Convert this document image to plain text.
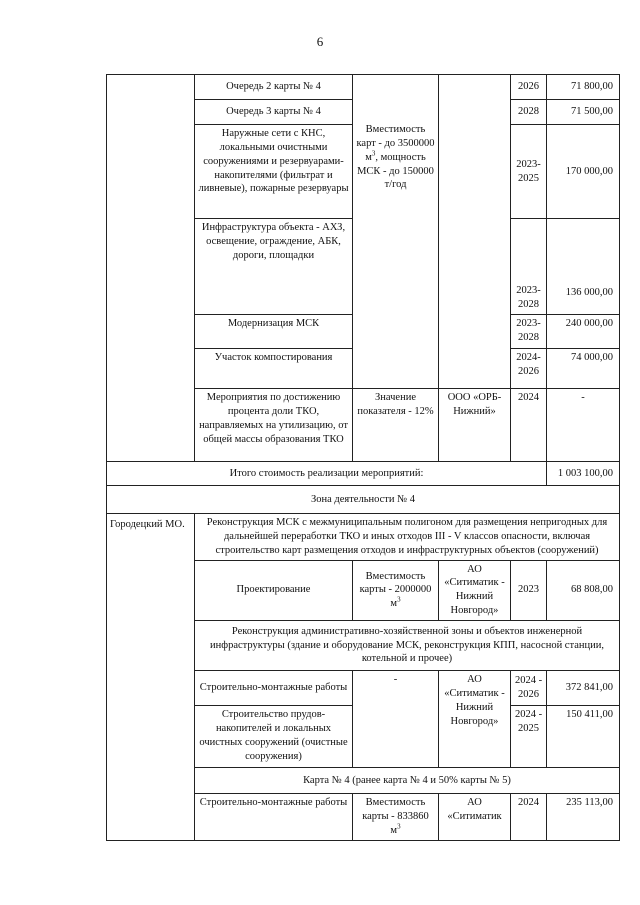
6
	Очередь 2 карты № 4	Вместимость карт - до 3500000 $м^3$, мощность МСК - до 150000 т/год		2026	71 800,00
	Очередь 3 карты № 4			2028	71 500,00
	Наружные сети с КНС, локальными очистными сооружениями и резервуарами-накопителями (фильтрат и ливневые), пожарные резервуары			2023-2025	170 000,00
	Инфраструктура объекта - АХЗ, освещение, ограждение, АБК, дороги, площадки			2023-2028	136 000,00
	Модернизация МСК			2023-2028	240 000,00
	Участок компостирования			2024-2026	74 000,00
	Мероприятия по достижению процента доли ТКО, направляемых на утилизацию, от общей массы образования ТКО	Значение показателя - 12%	ООО «ОРБ-Нижний»	2024	-
Итого стоимость реализации мероприятий:					1 003 100,00
Зона деятельности № 4					
Городецкий МО.	Реконструкция МСК с межмуниципальным полигоном для размещения непригодных для дальнейшей переработки ТКО и иных отходов III - V классов опасности, включая строительство карт размещения отходов и инфраструктурных объектов (сооружений)				
	Проектирование	Вместимость карты - 2000000 $м^3$	АО «Ситиматик - Нижний Новгород»	2023	68 808,00
	Реконструкция административно-хозяйственной зоны и объектов инженерной инфраструктуры (здание и оборудование МСК, реконструкция КПП, насосной станции, котельной и прочее)				
	Строительно-монтажные работы	-	АО «Ситиматик - Нижний Новгород»	2024 - 2026	372 841,00
	Строительство прудов-накопителей и локальных очистных сооружений (очистные сооружения)			2024 - 2025	150 411,00
	Карта № 4 (ранее карта № 4 и 50% карты № 5)				
	Строительно-монтажные работы	Вместимость карты - 833860 $м^3$	АО «Ситиматик	2024	235 113,00
